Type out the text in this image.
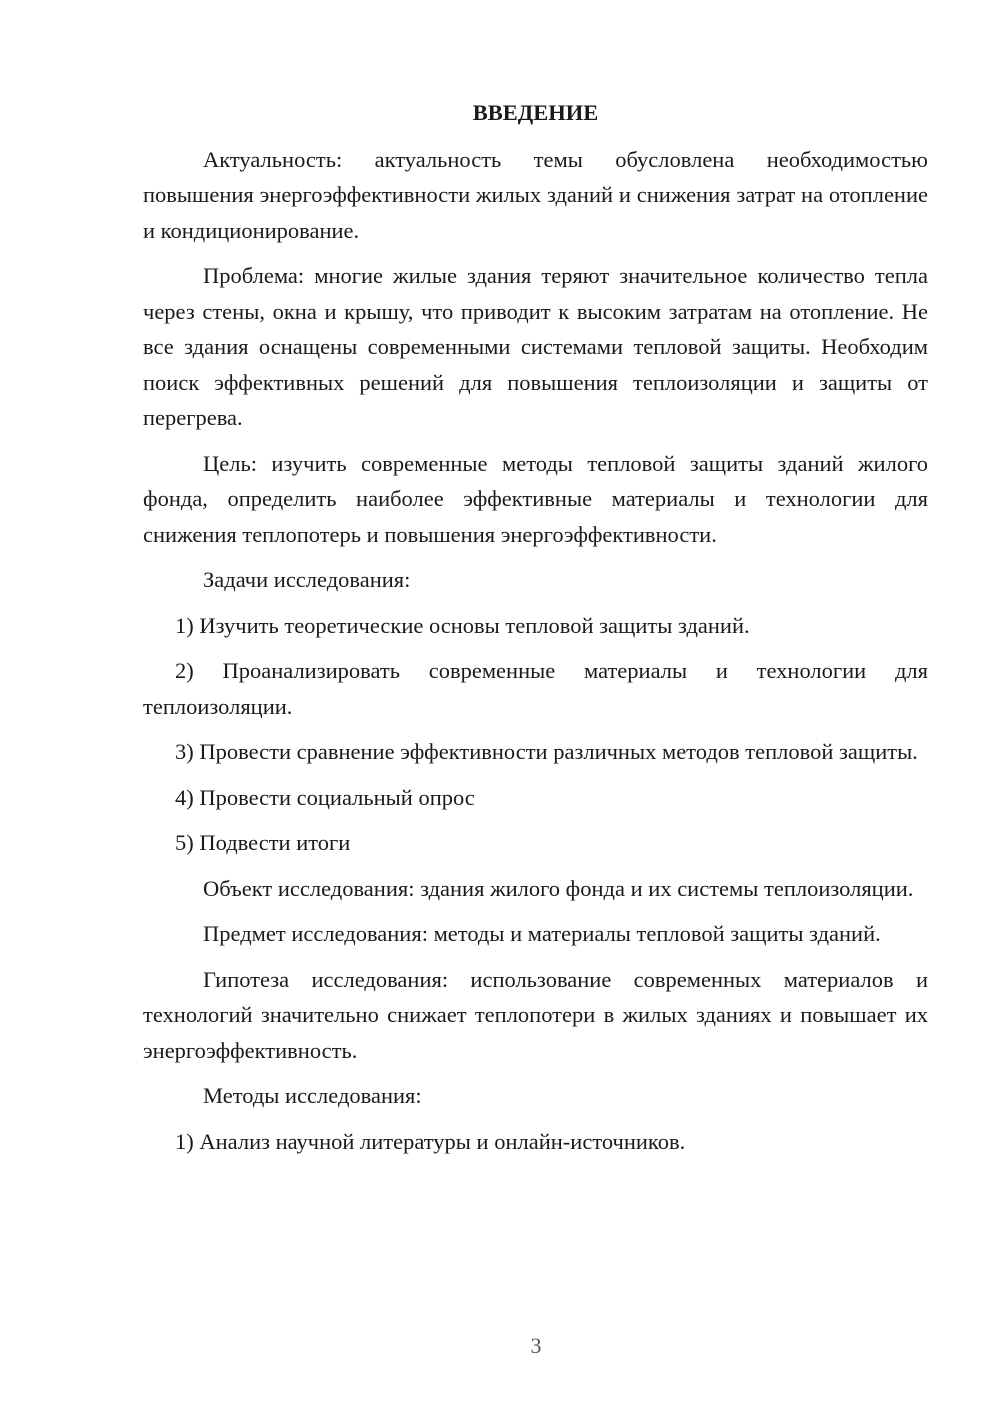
ВВЕДЕНИЕ

Актуальность: актуальность темы обусловлена необходимостью повышения энергоэффективности жилых зданий и снижения затрат на отопление и кондиционирование.

Проблема: многие жилые здания теряют значительное количество тепла через стены, окна и крышу, что приводит к высоким затратам на отопление. Не все здания оснащены современными системами тепловой защиты. Необходим поиск эффективных решений для повышения теплоизоляции и защиты от перегрева.

Цель: изучить современные методы тепловой защиты зданий жилого фонда, определить наиболее эффективные материалы и технологии для снижения теплопотерь и повышения энергоэффективности.

Задачи исследования:

1) Изучить теоретические основы тепловой защиты зданий.

2) Проанализировать современные материалы и технологии для теплоизоляции.

3) Провести сравнение эффективности различных методов тепловой защиты.

4) Провести социальный опрос

5) Подвести итоги

Объект исследования: здания жилого фонда и их системы теплоизоляции.

Предмет исследования: методы и материалы тепловой защиты зданий.

Гипотеза исследования: использование современных материалов и технологий значительно снижает теплопотери в жилых зданиях и повышает их энергоэффективность.

Методы исследования:

1) Анализ научной литературы и онлайн-источников.

3
